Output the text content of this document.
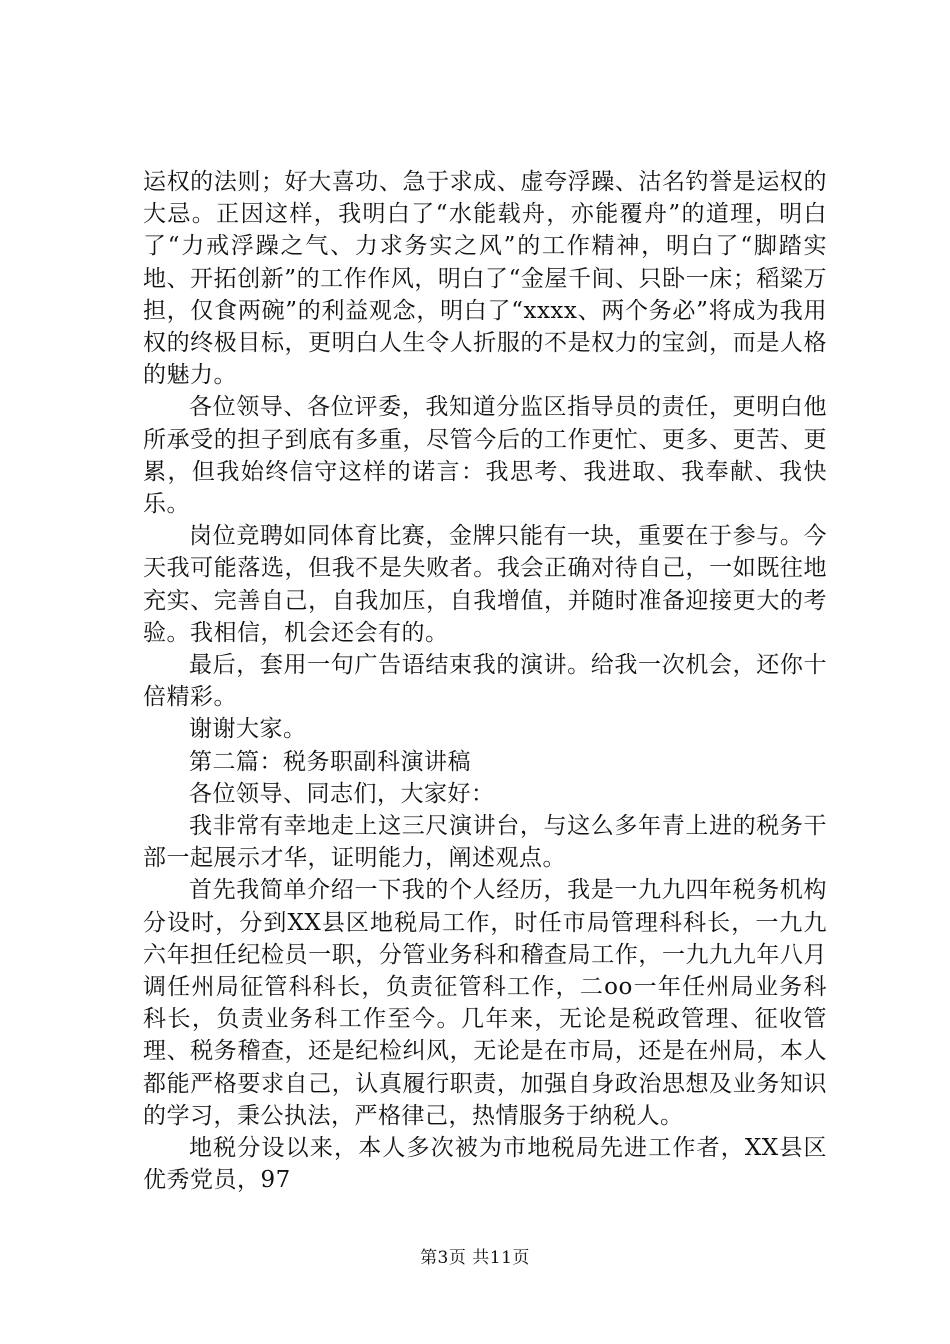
运权的法则；好大喜功、急于求成、虚夸浮躁、沽名钓誉是运权的大忌。正因这样，我明白了“水能载舟，亦能覆舟”的道理，明白了“力戒浮躁之气、力求务实之风”的工作精神，明白了“脚踏实地、开拓创新”的工作作风，明白了“金屋千间、只卧一床；稻粱万担，仅食两碗”的利益观念，明白了“xxxx、两个务必”将成为我用权的终极目标，更明白人生令人折服的不是权力的宝剑，而是人格的魅力。

各位领导、各位评委，我知道分监区指导员的责任，更明白他所承受的担子到底有多重，尽管今后的工作更忙、更多、更苦、更累，但我始终信守这样的诺言：我思考、我进取、我奉献、我快乐。

岗位竞聘如同体育比赛，金牌只能有一块，重要在于参与。今天我可能落选，但我不是失败者。我会正确对待自己，一如既往地充实、完善自己，自我加压，自我增值，并随时准备迎接更大的考验。我相信，机会还会有的。

最后，套用一句广告语结束我的演讲。给我一次机会，还你十倍精彩。

谢谢大家。

第二篇：税务职副科演讲稿

各位领导、同志们，大家好：

我非常有幸地走上这三尺演讲台，与这么多年青上进的税务干部一起展示才华，证明能力，阐述观点。

首先我简单介绍一下我的个人经历，我是一九九四年税务机构分设时，分到XX县区地税局工作，时任市局管理科科长，一九九六年担任纪检员一职，分管业务科和稽查局工作，一九九九年八月调任州局征管科科长，负责征管科工作，二oo一年任州局业务科科长，负责业务科工作至今。几年来，无论是税政管理、征收管理、税务稽查，还是纪检纠风，无论是在市局，还是在州局，本人都能严格要求自己，认真履行职责，加强自身政治思想及业务知识的学习，秉公执法，严格律己，热情服务于纳税人。

地税分设以来，本人多次被为市地税局先进工作者，XX县区优秀党员，97

第3页 共11页
